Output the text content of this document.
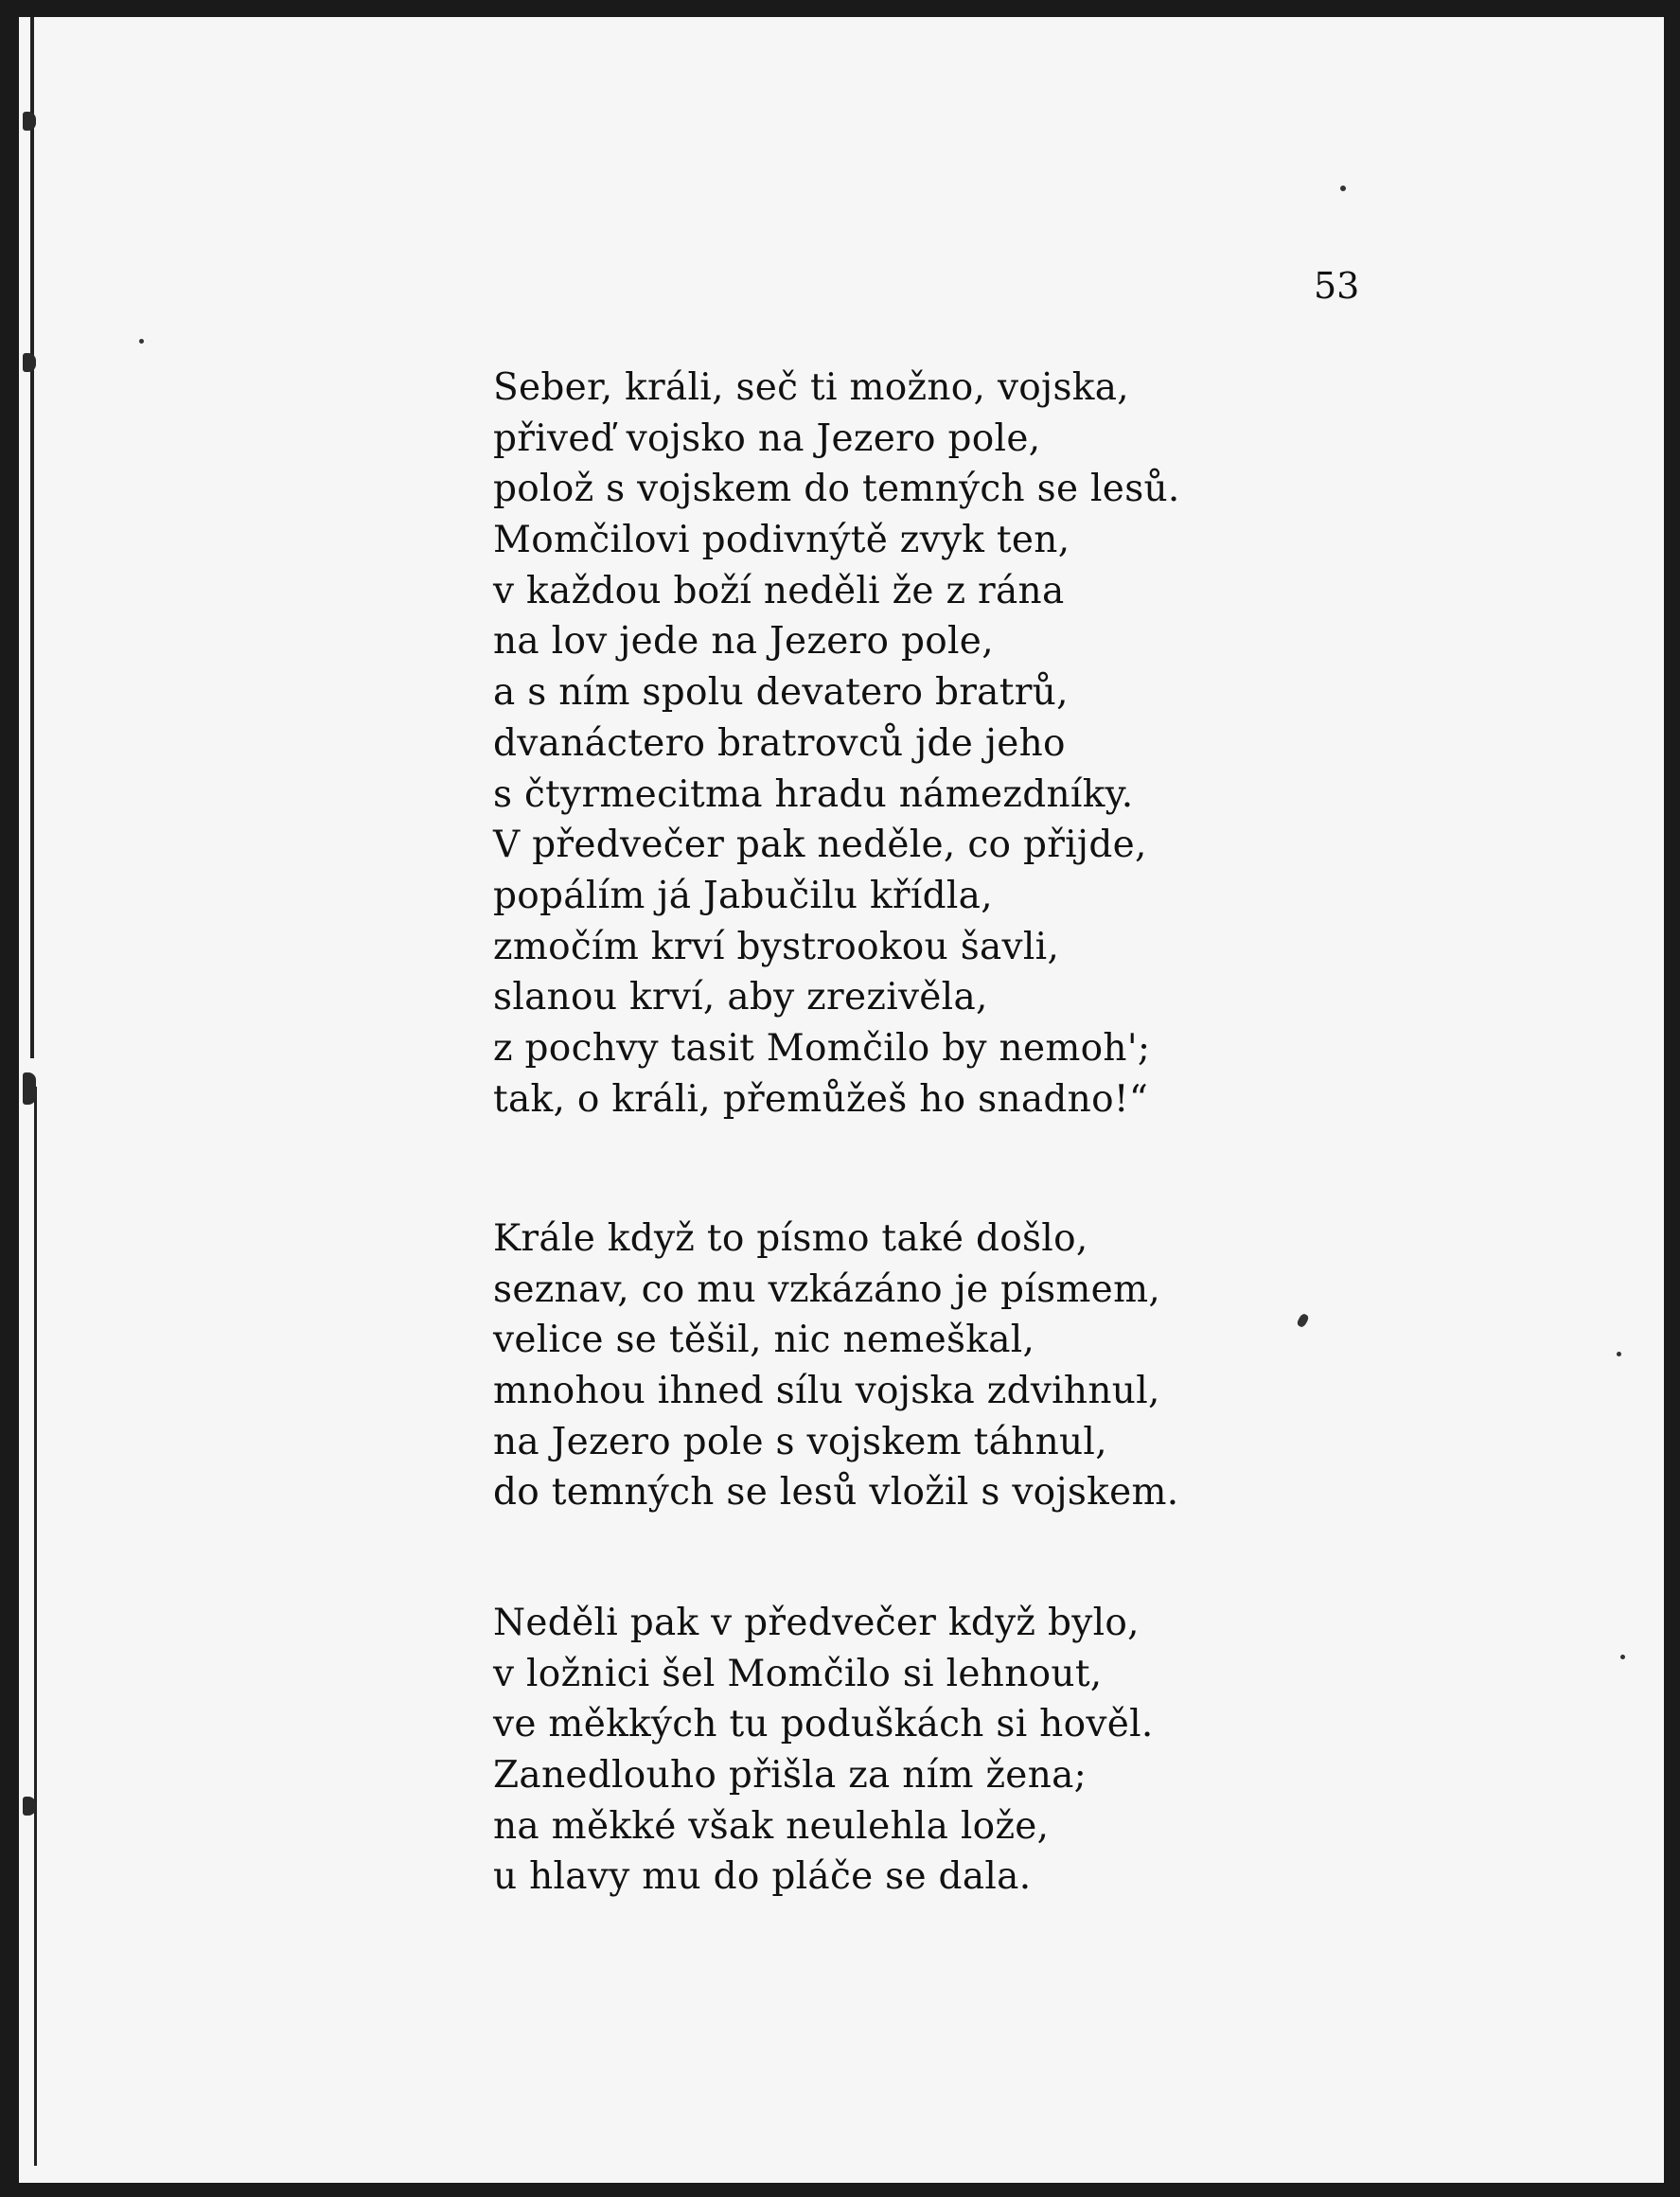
53
Seber, králi, seč ti možno, vojska,
přiveď vojsko na Jezero pole,
polož s vojskem do temných se lesů.
Momčilovi podivnýtě zvyk ten,
v každou boží neděli že z rána
na lov jede na Jezero pole,
a s ním spolu devatero bratrů,
dvanáctero bratrovců jde jeho
s čtyrmecitma hradu námezdníky.
V předvečer pak neděle, co přijde,
popálím já Jabučilu křídla,
zmočím krví bystrookou šavli,
slanou krví, aby zrezivěla,
z pochvy tasit Momčilo by nemoh';
tak, o králi, přemůžeš ho snadno!“
Krále když to písmo také došlo,
seznav, co mu vzkázáno je písmem,
velice se těšil, nic nemeškal,
mnohou ihned sílu vojska zdvihnul,
na Jezero pole s vojskem táhnul,
do temných se lesů vložil s vojskem.
Neděli pak v předvečer když bylo,
v ložnici šel Momčilo si lehnout,
ve měkkých tu poduškách si hověl.
Zanedlouho přišla za ním žena;
na měkké však neulehla lože,
u hlavy mu do pláče se dala.
